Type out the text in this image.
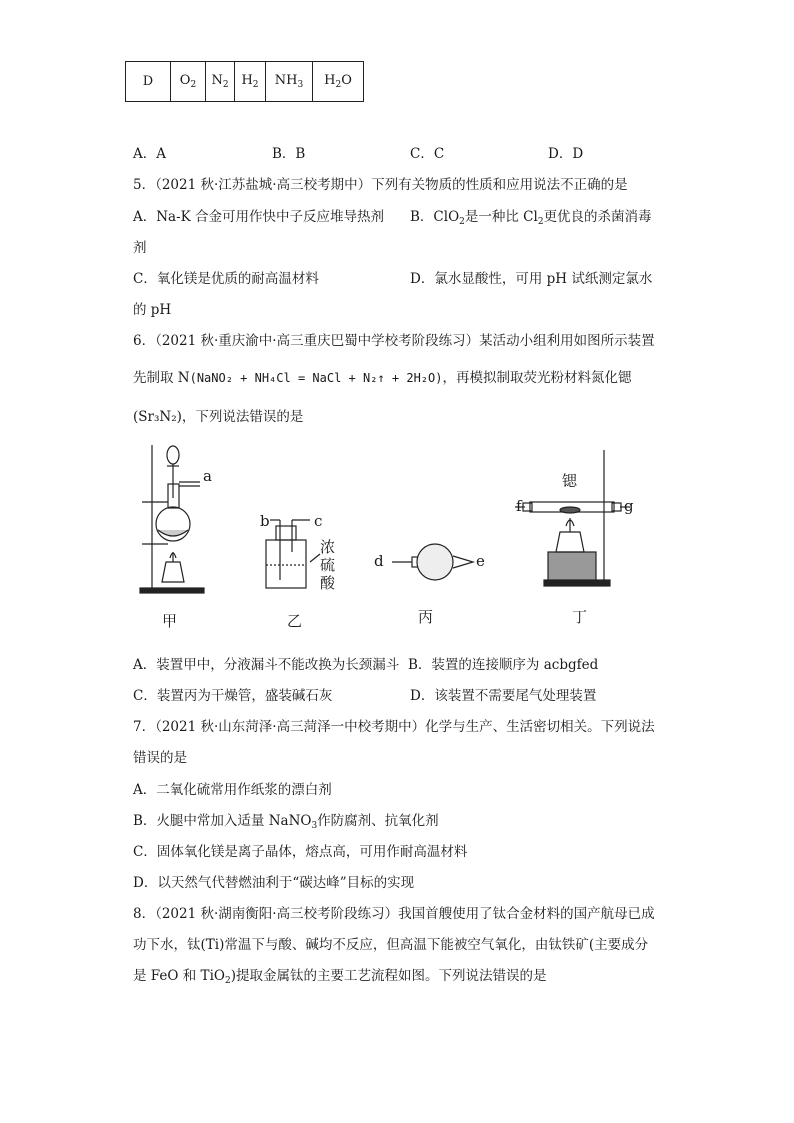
D	$O_2$	$N_2$	$H_2$	$NH_3$	$H_2O$
A．A	B．B	C．C	D．D
5．（2021 秋·江苏盐城·高三校考期中）下列有关物质的性质和应用说法不正确的是
A．Na-K 合金可用作快中子反应堆导热剂 B．ClO$_2$是一种比 $Cl_2$更优良的杀菌消毒
剂
C．氧化镁是优质的耐高温材料	D．氯水显酸性，可用 pH 试纸测定氯水
的 pH
6．（2021 秋·重庆渝中·高三重庆巴蜀中学校考阶段练习）某活动小组利用如图所示装置
先制取 N(NaNO₂ + NH₄Cl = NaCl + N₂↑ + 2H₂O)，再模拟制取荧光粉材料氮化锶
(Sr₃N₂)，下列说法错误的是
a
b	c
浓
硫
酸
d	e
f	g
锶
甲	乙	丙	丁
A．装置甲中，分液漏斗不能改换为长颈漏斗 B．装置的连接顺序为 acbgfed
C．装置丙为干燥管，盛装碱石灰	D．该装置不需要尾气处理装置
7．（2021 秋·山东菏泽·高三菏泽一中校考期中）化学与生产、生活密切相关。下列说法
错误的是
A．二氧化硫常用作纸浆的漂白剂
B．火腿中常加入适量 NaNO$_3$作防腐剂、抗氧化剂
C．固体氧化镁是离子晶体，熔点高，可用作耐高温材料
D．以天然气代替燃油利于“碳达峰”目标的实现
8．（2021 秋·湖南衡阳·高三校考阶段练习）我国首艘使用了钛合金材料的国产航母已成
功下水，钛(Ti)常温下与酸、碱均不反应，但高温下能被空气氧化，由钛铁矿(主要成分
是 FeO 和 TiO$_2$)提取金属钛的主要工艺流程如图。下列说法错误的是
